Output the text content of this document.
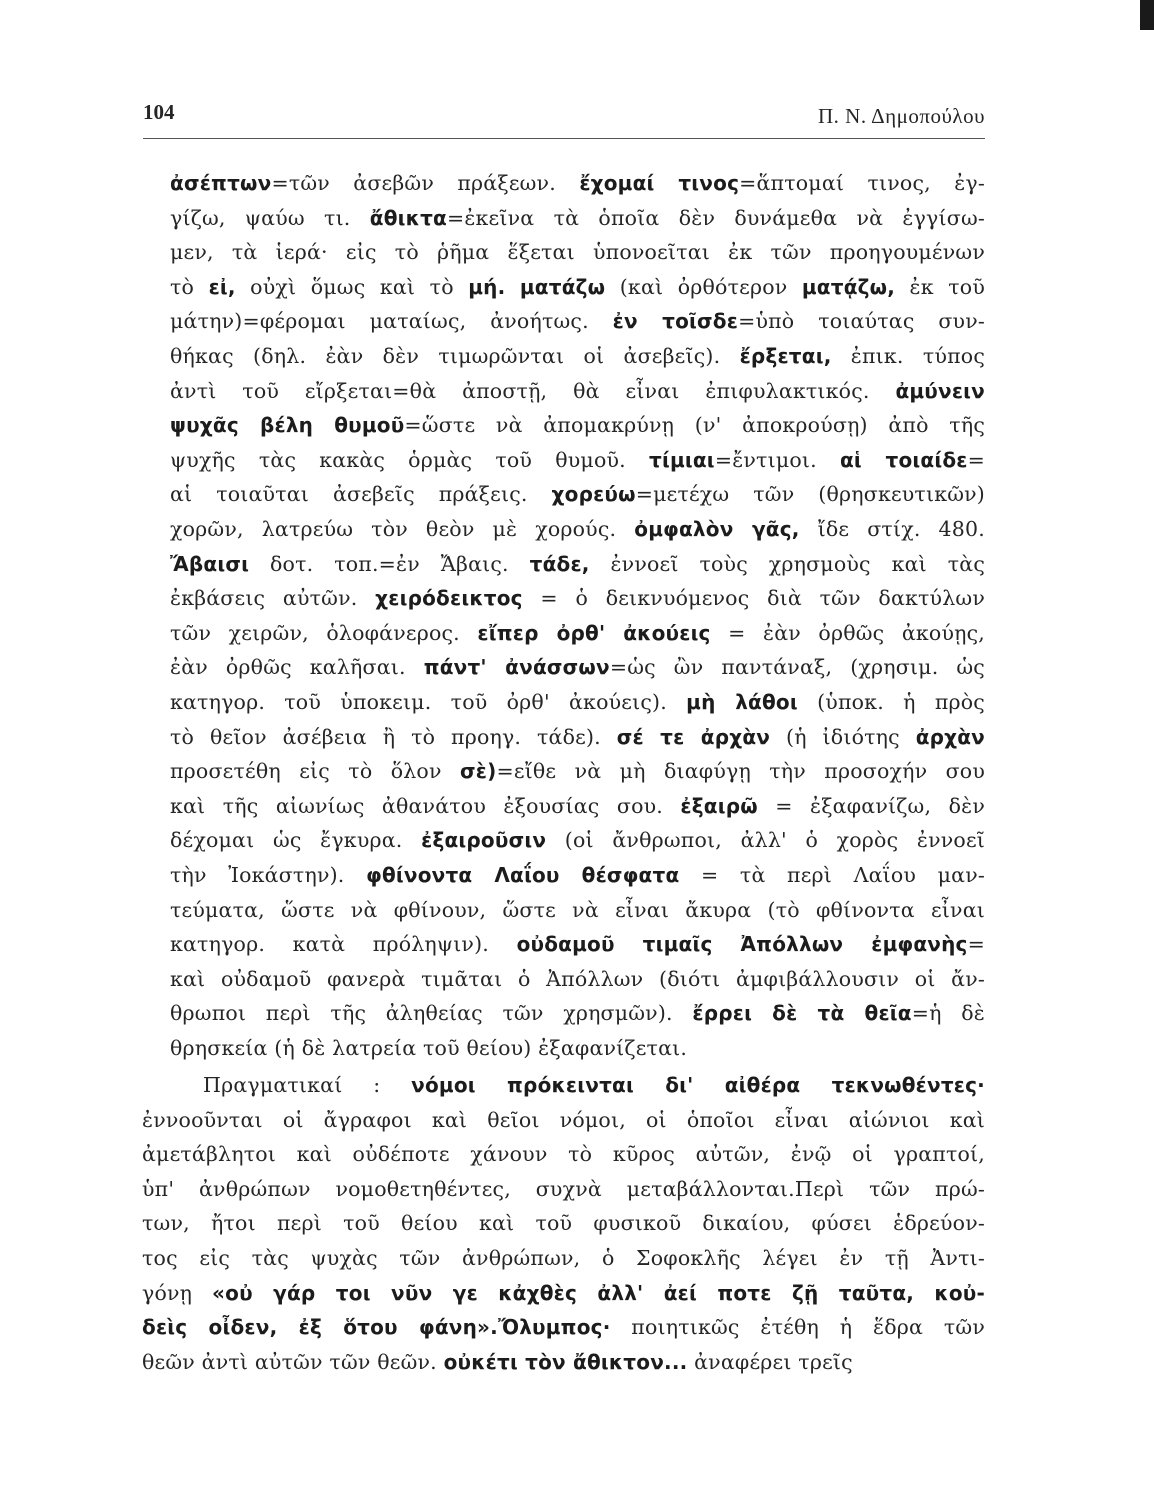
104	Π. Ν. Δημοπούλου
ἀσέπτων=τῶν ἀσεβῶν πράξεων. ἔχομαί τινος=ἅπτομαί τινος, ἐγ-
γίζω, ψαύω τι. ἄθικτα=ἐκεῖνα τὰ ὁποῖα δὲν δυνάμεθα νὰ ἐγγίσω-
μεν, τὰ ἱερά· εἰς τὸ ῥῆμα ἕξεται ὑπονοεῖται ἐκ τῶν προηγουμένων
τὸ εἰ, οὐχὶ ὅμως καὶ τὸ μή. ματάζω (καὶ ὀρθότερον ματᾴζω, ἐκ τοῦ
μάτην)=φέρομαι ματαίως, ἀνοήτως. ἐν τοῖσδε=ὑπὸ τοιαύτας συν-
θήκας (δηλ. ἐὰν δὲν τιμωρῶνται οἱ ἀσεβεῖς). ἔρξεται, ἐπικ. τύπος
ἀντὶ τοῦ εἴρξεται=θὰ ἀποστῇ, θὰ εἶναι ἐπιφυλακτικός. ἀμύνειν
ψυχᾶς βέλη θυμοῦ=ὥστε νὰ ἀπομακρύνῃ (ν' ἀποκρούσῃ) ἀπὸ τῆς
ψυχῆς τὰς κακὰς ὁρμὰς τοῦ θυμοῦ. τίμιαι=ἔντιμοι. αἱ τοιαίδε=
αἱ τοιαῦται ἀσεβεῖς πράξεις. χορεύω=μετέχω τῶν (θρησκευτικῶν)
χορῶν, λατρεύω τὸν θεὸν μὲ χορούς. ὀμφαλὸν γᾶς, ἴδε στίχ. 480.
Ἄβαισι δοτ. τοπ.=ἐν Ἄβαις. τάδε, ἐννοεῖ τοὺς χρησμοὺς καὶ τὰς
ἐκβάσεις αὐτῶν. χειρόδεικτος = ὁ δεικνυόμενος διὰ τῶν δακτύλων
τῶν χειρῶν, ὁλοφάνερος. εἴπερ ὀρθ' ἀκούεις = ἐὰν ὀρθῶς ἀκούῃς,
ἐὰν ὀρθῶς καλῆσαι. πάντ' ἀνάσσων=ὡς ὢν παντάναξ, (χρησιμ. ὡς
κατηγορ. τοῦ ὑποκειμ. τοῦ ὀρθ' ἀκούεις). μὴ λάθοι (ὑποκ. ἡ πρὸς
τὸ θεῖον ἀσέβεια ἢ τὸ προηγ. τάδε). σέ τε ἀρχὰν (ἡ ἰδιότης ἀρχὰν
προσετέθη εἰς τὸ ὅλον σὲ)=εἴθε νὰ μὴ διαφύγῃ τὴν προσοχήν σου
καὶ τῆς αἰωνίως ἀθανάτου ἐξουσίας σου. ἐξαιρῶ = ἐξαφανίζω, δὲν
δέχομαι ὡς ἔγκυρα. ἐξαιροῦσιν (οἱ ἄνθρωποι, ἀλλ' ὁ χορὸς ἐννοεῖ
τὴν Ἰοκάστην). φθίνοντα Λαΐου θέσφατα = τὰ περὶ Λαΐου μαν-
τεύματα, ὥστε νὰ φθίνουν, ὥστε νὰ εἶναι ἄκυρα (τὸ φθίνοντα εἶναι
κατηγορ. κατὰ πρόληψιν). οὐδαμοῦ τιμαῖς Ἀπόλλων ἐμφανὴς=
καὶ οὐδαμοῦ φανερὰ τιμᾶται ὁ Ἀπόλλων (διότι ἀμφιβάλλουσιν οἱ ἄν-
θρωποι περὶ τῆς ἀληθείας τῶν χρησμῶν). ἔρρει δὲ τὰ θεῖα=ἡ δὲ
θρησκεία (ἡ δὲ λατρεία τοῦ θείου) ἐξαφανίζεται.
Πραγματικαί : νόμοι πρόκεινται δι' αἰθέρα τεκνωθέντες·
ἐννοοῦνται οἱ ἄγραφοι καὶ θεῖοι νόμοι, οἱ ὁποῖοι εἶναι αἰώνιοι καὶ
ἀμετάβλητοι καὶ οὐδέποτε χάνουν τὸ κῦρος αὐτῶν, ἐνῷ οἱ γραπτοί,
ὑπ' ἀνθρώπων νομοθετηθέντες, συχνὰ μεταβάλλονται.Περὶ τῶν πρώ-
των, ἤτοι περὶ τοῦ θείου καὶ τοῦ φυσικοῦ δικαίου, φύσει ἑδρεύον-
τος εἰς τὰς ψυχὰς τῶν ἀνθρώπων, ὁ Σοφοκλῆς λέγει ἐν τῇ Ἀντι-
γόνῃ «οὐ γάρ τοι νῦν γε κἀχθὲς ἀλλ' ἀεί ποτε ζῇ ταῦτα, κοὐ-
δεὶς οἶδεν, ἐξ ὅτου φάνη».Ὄλυμπος· ποιητικῶς ἐτέθη ἡ ἕδρα τῶν
θεῶν ἀντὶ αὐτῶν τῶν θεῶν. οὐκέτι τὸν ἄθικτον... ἀναφέρει τρεῖς
